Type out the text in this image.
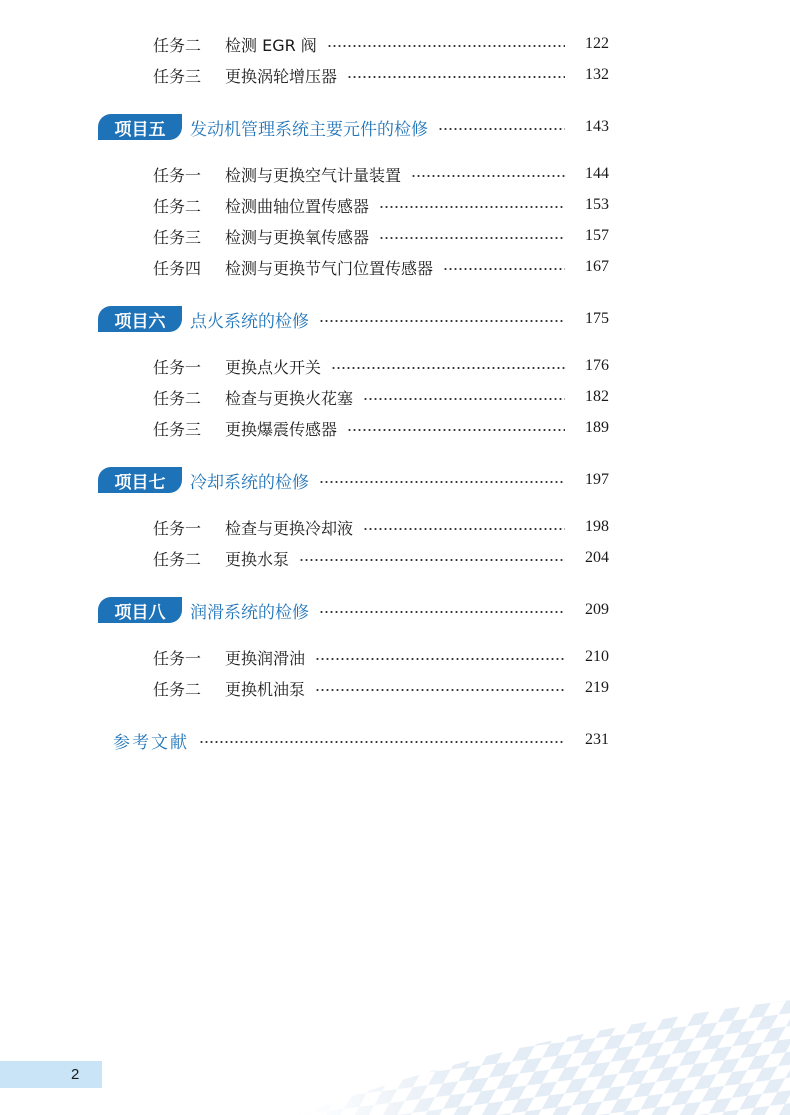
任务二	检测 EGR 阀	122
任务三	更换涡轮增压器	132
项目五	发动机管理系统主要元件的检修	143
任务一	检测与更换空气计量装置	144
任务二	检测曲轴位置传感器	153
任务三	检测与更换氧传感器	157
任务四	检测与更换节气门位置传感器	167
项目六	点火系统的检修	175
任务一	更换点火开关	176
任务二	检查与更换火花塞	182
任务三	更换爆震传感器	189
项目七	冷却系统的检修	197
任务一	检查与更换冷却液	198
任务二	更换水泵	204
项目八	润滑系统的检修	209
任务一	更换润滑油	210
任务二	更换机油泵	219
参考文献	231
2
